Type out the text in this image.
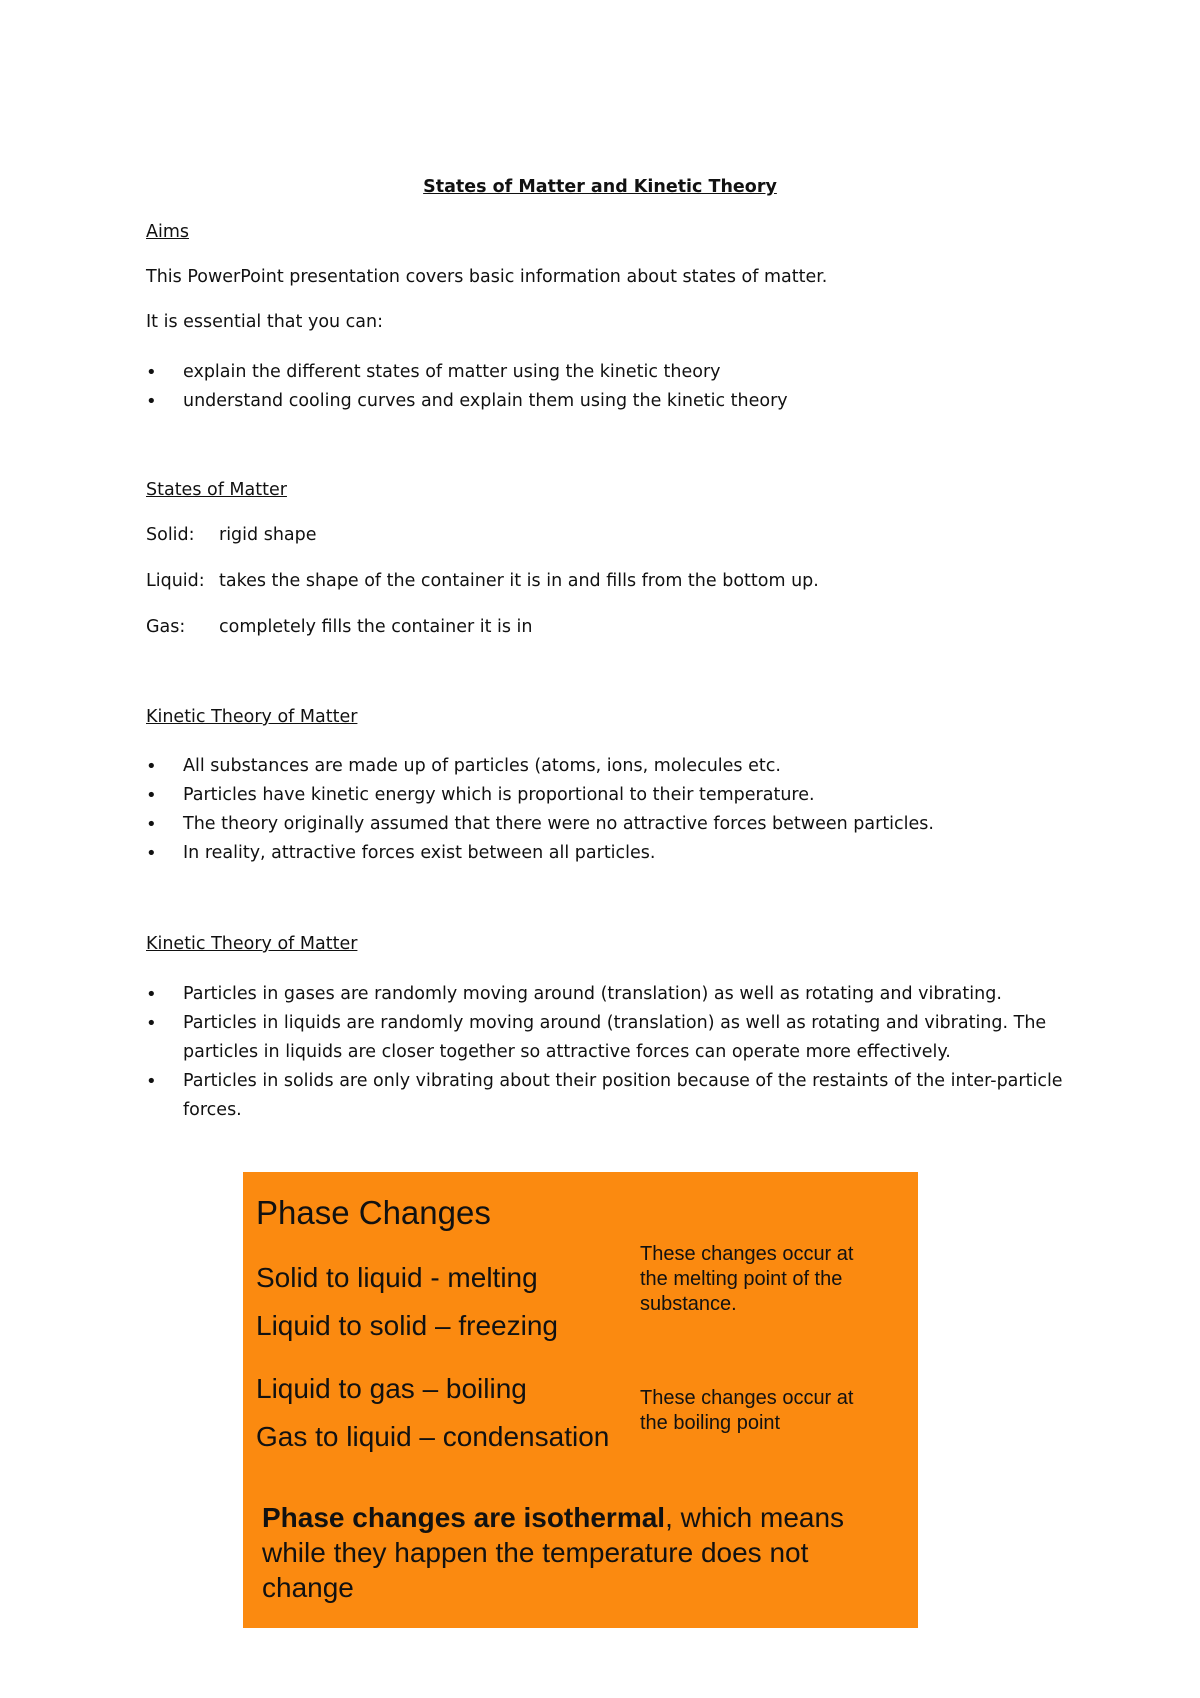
States of Matter and Kinetic Theory
Aims
This PowerPoint presentation covers basic information about states of matter.
It is essential that you can:
• explain the different states of matter using the kinetic theory
• understand cooling curves and explain them using the kinetic theory
States of Matter
Solid: rigid shape
Liquid: takes the shape of the container it is in and fills from the bottom up.
Gas: completely fills the container it is in
Kinetic Theory of Matter
• All substances are made up of particles (atoms, ions, molecules etc.
• Particles have kinetic energy which is proportional to their temperature.
• The theory originally assumed that there were no attractive forces between particles.
• In reality, attractive forces exist between all particles.
Kinetic Theory of Matter
• Particles in gases are randomly moving around (translation) as well as rotating and vibrating.
• Particles in liquids are randomly moving around (translation) as well as rotating and vibrating. The particles in liquids are closer together so attractive forces can operate more effectively.
• Particles in solids are only vibrating about their position because of the restaints of the inter-particle forces.
Phase Changes
Solid to liquid - melting
Liquid to solid – freezing
Liquid to gas – boiling
Gas to liquid – condensation
These changes occur at the melting point of the substance.
These changes occur at the boiling point
Phase changes are isothermal, which means while they happen the temperature does not change
